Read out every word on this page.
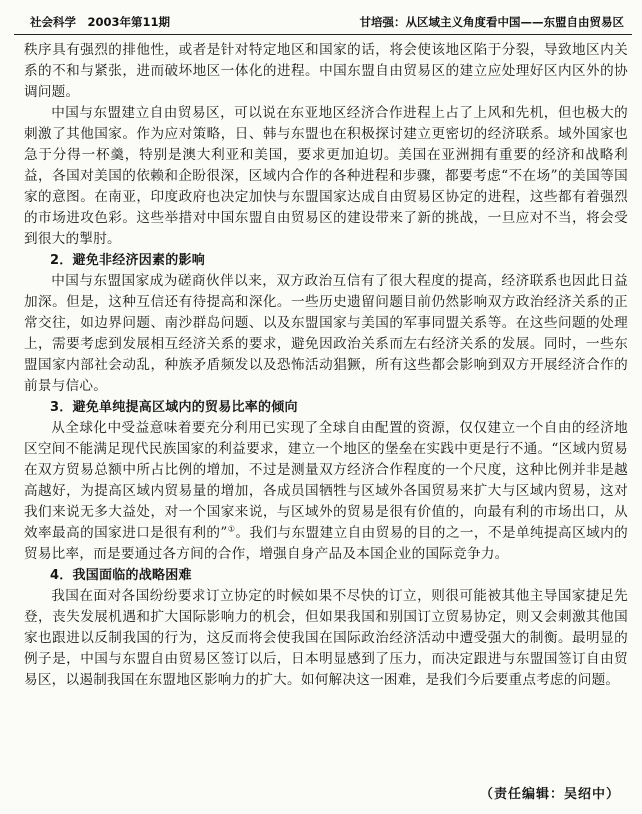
社会科学　2003年第11期	甘培强：从区域主义角度看中国——东盟自由贸易区

秩序具有强烈的排他性，或者是针对特定地区和国家的话，将会使该地区陷于分裂，导致地区内关系的不和与紧张，进而破坏地区一体化的进程。中国东盟自由贸易区的建立应处理好区内区外的协调问题。

中国与东盟建立自由贸易区，可以说在东亚地区经济合作进程上占了上风和先机，但也极大的刺激了其他国家。作为应对策略，日、韩与东盟也在积极探讨建立更密切的经济联系。域外国家也急于分得一杯羹，特别是澳大利亚和美国，要求更加迫切。美国在亚洲拥有重要的经济和战略利益，各国对美国的依赖和企盼很深，区域内合作的各种进程和步骤，都要考虑“不在场”的美国等国家的意图。在南亚，印度政府也决定加快与东盟国家达成自由贸易区协定的进程，这些都有着强烈的市场进攻色彩。这些举措对中国东盟自由贸易区的建设带来了新的挑战，一旦应对不当，将会受到很大的掣肘。

2．避免非经济因素的影响

中国与东盟国家成为磋商伙伴以来，双方政治互信有了很大程度的提高，经济联系也因此日益加深。但是，这种互信还有待提高和深化。一些历史遗留问题目前仍然影响双方政治经济关系的正常交往，如边界问题、南沙群岛问题、以及东盟国家与美国的军事同盟关系等。在这些问题的处理上，需要考虑到发展相互经济关系的要求，避免因政治关系而左右经济关系的发展。同时，一些东盟国家内部社会动乱，种族矛盾频发以及恐怖活动猖獗，所有这些都会影响到双方开展经济合作的前景与信心。

3．避免单纯提高区域内的贸易比率的倾向

从全球化中受益意味着要充分利用已实现了全球自由配置的资源，仅仅建立一个自由的经济地区空间不能满足现代民族国家的利益要求，建立一个地区的堡垒在实践中更是行不通。“区域内贸易在双方贸易总额中所占比例的增加，不过是测量双方经济合作程度的一个尺度，这种比例并非是越高越好，为提高区域内贸易量的增加，各成员国牺牲与区域外各国贸易来扩大与区域内贸易，这对我们来说无多大益处，对一个国家来说，与区域外的贸易是很有价值的，向最有利的市场出口，从效率最高的国家进口是很有利的”①。我们与东盟建立自由贸易的目的之一，不是单纯提高区域内的贸易比率，而是要通过各方间的合作，增强自身产品及本国企业的国际竞争力。

4．我国面临的战略困难

我国在面对各国纷纷要求订立协定的时候如果不尽快的订立，则很可能被其他主导国家捷足先登，丧失发展机遇和扩大国际影响力的机会，但如果我国和别国订立贸易协定，则又会刺激其他国家也跟进以反制我国的行为，这反而将会使我国在国际政治经济活动中遭受强大的制衡。最明显的例子是，中国与东盟自由贸易区签订以后，日本明显感到了压力，而决定跟进与东盟国签订自由贸易区，以遏制我国在东盟地区影响力的扩大。如何解决这一困难，是我们今后要重点考虑的问题。

（责任编辑：吴绍中）
